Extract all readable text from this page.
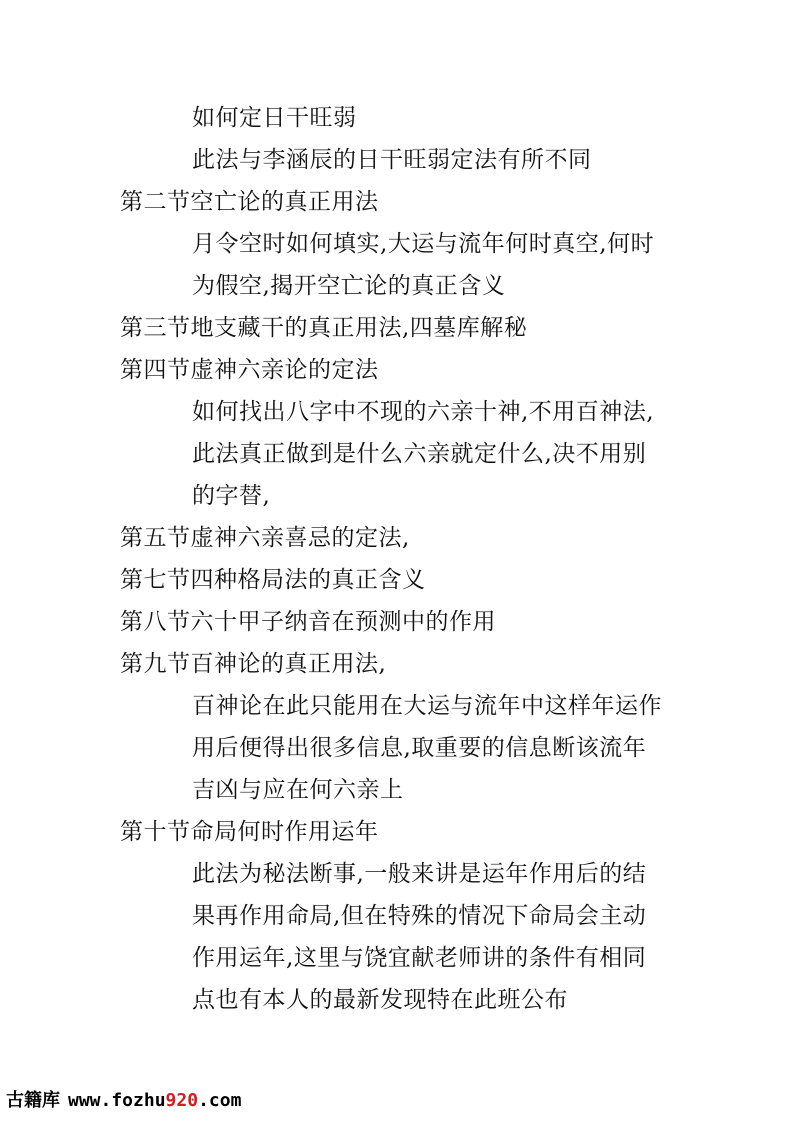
如何定日干旺弱
此法与李涵辰的日干旺弱定法有所不同
第二节空亡论的真正用法
月令空时如何填实,大运与流年何时真空,何时
为假空,揭开空亡论的真正含义
第三节地支藏干的真正用法,四墓库解秘
第四节虚神六亲论的定法
如何找出八字中不现的六亲十神,不用百神法,
此法真正做到是什么六亲就定什么,决不用别
的字替,
第五节虚神六亲喜忌的定法,
第七节四种格局法的真正含义
第八节六十甲子纳音在预测中的作用
第九节百神论的真正用法,
百神论在此只能用在大运与流年中这样年运作
用后便得出很多信息,取重要的信息断该流年
吉凶与应在何六亲上
第十节命局何时作用运年
此法为秘法断事,一般来讲是运年作用后的结
果再作用命局,但在特殊的情况下命局会主动
作用运年,这里与饶宜献老师讲的条件有相同
点也有本人的最新发现特在此班公布
古籍库 www.fozhu920.com
